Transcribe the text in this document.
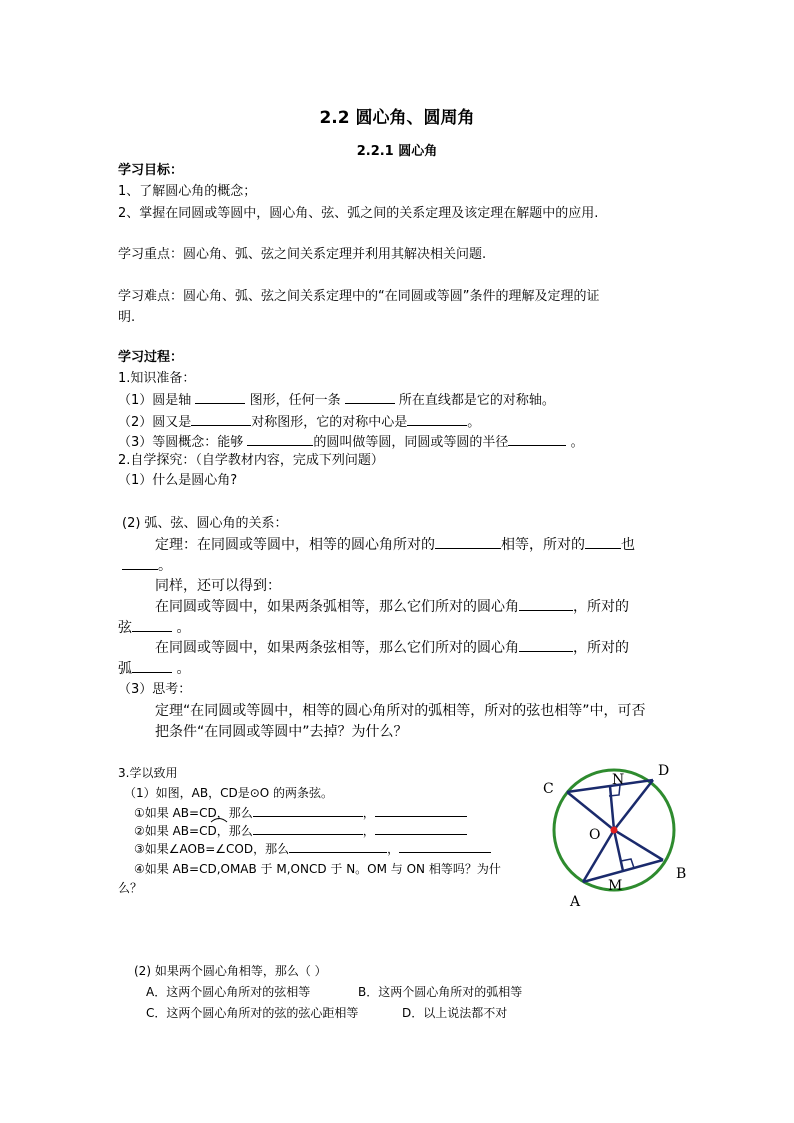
2.2 圆心角、圆周角
2.2.1 圆心角
学习目标：
1、了解圆心角的概念；
2、掌握在同圆或等圆中，圆心角、弦、弧之间的关系定理及该定理在解题中的应用.
学习重点：圆心角、弧、弦之间关系定理并利用其解决相关问题.
学习难点：圆心角、弧、弦之间关系定理中的“在同圆或等圆”条件的理解及定理的证
明.
学习过程：
1.知识准备：
（1）圆是轴	图形，任何一条	所在直线都是它的对称轴。
（2）圆又是	对称图形，它的对称中心是	。
（3）等圆概念：能够	的圆叫做等圆，同圆或等圆的半径	。
2.自学探究：（自学教材内容，完成下列问题）
（1）什么是圆心角?
(2) 弧、弦、圆心角的关系：
定理：在同圆或等圆中，相等的圆心角所对的	相等，所对的	也
。
同样，还可以得到：
在同圆或等圆中，如果两条弧相等，那么它们所对的圆心角	，所对的
弦	。
在同圆或等圆中，如果两条弦相等，那么它们所对的圆心角	，所对的
弧	。
（3）思考：
定理“在同圆或等圆中，相等的圆心角所对的弧相等，所对的弦也相等”中，可否
把条件“在同圆或等圆中”去掉？为什么？
3.学以致用
（1）如图，AB，CD是⊙O 的两条弦。
①如果 AB=CD，那么	，
②如果 AB=CD，那么	，
③如果∠AOB=∠COD，那么	，
④如果 AB=CD,OMAB 于 M,ONCD 于 N。OM 与 ON 相等吗？为什
么？
(2) 如果两个圆心角相等，那么（ ）
A．这两个圆心角所对的弦相等	B．这两个圆心角所对的弧相等
C．这两个圆心角所对的弦的弦心距相等	D．以上说法都不对
C
D
N
O
M
A
B
